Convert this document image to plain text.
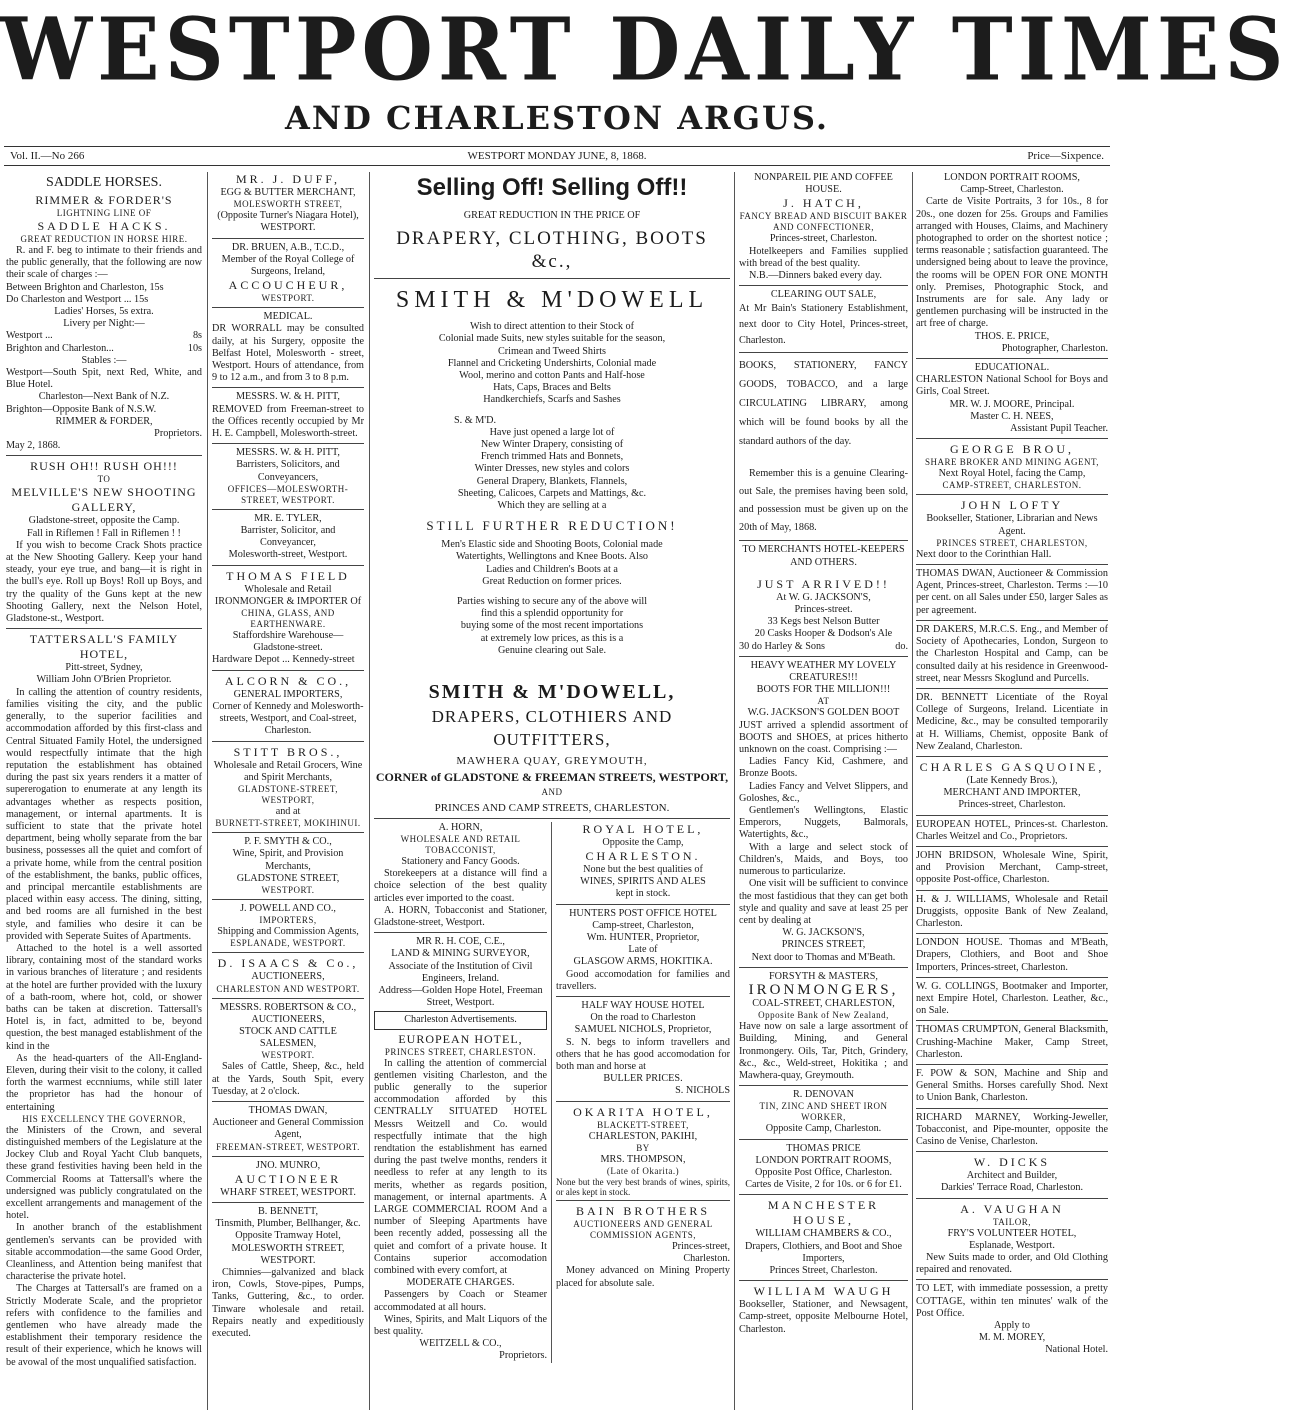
WESTPORT DAILY TIMES
AND CHARLESTON ARGUS.
Vol. II.—No 266	WESTPORT MONDAY JUNE, 8, 1868.	Price—Sixpence.
SADDLE HORSES.
RIMMER & FORDER'S
LIGHTNING LINE OF
SADDLE HACKS.
GREAT REDUCTION IN HORSE HIRE.
R. and F. beg to intimate to their friends and the public generally, that the following are now their scale of charges :—
Between Brighton and Charleston, 15s
Do Charleston and Westport ... 15s
Ladies' Horses, 5s extra.
Livery per Night:—
Westport ...	8s
Brighton and Charleston...	10s
Stables :—
Westport—South Spit, next Red, White, and Blue Hotel.
Charleston—Next Bank of N.Z.
Brighton—Opposite Bank of N.S.W.
RIMMER & FORDER,
Proprietors.
May 2, 1868.
RUSH OH!! RUSH OH!!!
TO
MELVILLE'S NEW SHOOTING GALLERY,
Gladstone-street, opposite the Camp.
Fall in Riflemen ! Fall in Riflemen ! !
If you wish to become Crack Shots practice at the New Shooting Gallery. Keep your hand steady, your eye true, and bang—it is right in the bull's eye. Roll up Boys! Roll up Boys, and try the quality of the Guns kept at the new Shooting Gallery, next the Nelson Hotel, Gladstone-st., Westport.
TATTERSALL'S FAMILY HOTEL,
Pitt-street, Sydney,
William John O'Brien Proprietor.
In calling the attention of country residents, families visiting the city, and the public generally, to the superior facilities and accommodation afforded by this first-class and Central Situated Family Hotel, the undersigned would respectfully intimate that the high reputation the establishment has obtained during the past six years renders it a matter of supererogation to enumerate at any length its advantages whether as respects position, management, or internal apartments. It is sufficient to state that the private hotel department, being wholly separate from the bar business, possesses all the quiet and comfort of a private home, while from the central position of the establishment, the banks, public offices, and principal mercantile establishments are placed within easy access. The dining, sitting, and bed rooms are all furnished in the best style, and families who desire it can be provided with Seperate Suites of Apartments.
Attached to the hotel is a well assorted library, containing most of the standard works in various branches of literature ; and residents at the hotel are further provided with the luxury of a bath-room, where hot, cold, or shower baths can be taken at discretion. Tattersall's Hotel is, in fact, admitted to be, beyond question, the best managed establishment of the kind in the
As the head-quarters of the All-England-Eleven, during their visit to the colony, it called forth the warmest eccnniums, while still later the proprietor has had the honour of entertaining
HIS EXCELLENCY THE GOVERNOR,
the Ministers of the Crown, and several distinguished members of the Legislature at the Jockey Club and Royal Yacht Club banquets, these grand festivities having been held in the Commercial Rooms at Tattersall's where the undersigned was publicly congratulated on the excellent arrangements and management of the hotel.
In another branch of the establishment gentlemen's servants can be provided with sitable accommodation—the same Good Order, Cleanliness, and Attention being manifest that characterise the private hotel.
The Charges at Tattersall's are framed on a Strictly Moderate Scale, and the proprietor refers with confidence to the families and gentlemen who have already made the establishment their temporary residence the result of their experience, which he knows will be avowal of the most unqualified satisfaction.
MR. J. DUFF,
EGG & BUTTER MERCHANT,
MOLESWORTH STREET,
(Opposite Turner's Niagara Hotel), WESTPORT.
DR. BRUEN, A.B., T.C.D.,
Member of the Royal College of Surgeons, Ireland,
ACCOUCHEUR,
WESTPORT.
MEDICAL.
DR WORRALL may be consulted daily, at his Surgery, opposite the Belfast Hotel, Molesworth - street, Westport. Hours of attendance, from 9 to 12 a.m., and from 3 to 8 p.m.
MESSRS. W. & H. PITT,
REMOVED from Freeman-street to the Offices recently occupied by Mr H. E. Campbell, Molesworth-street.
MESSRS. W. & H. PITT,
Barristers, Solicitors, and Conveyancers,
OFFICES—MOLESWORTH-STREET, WESTPORT.
MR. E. TYLER,
Barrister, Solicitor, and Conveyancer,
Molesworth-street, Westport.
THOMAS FIELD
Wholesale and Retail
IRONMONGER & IMPORTER Of
CHINA, GLASS, AND EARTHENWARE.
Staffordshire Warehouse—Gladstone-street.
Hardware Depot ... Kennedy-street
ALCORN & CO.,
GENERAL IMPORTERS,
Corner of Kennedy and Molesworth-streets, Westport, and Coal-street, Charleston.
STITT BROS.,
Wholesale and Retail Grocers, Wine and Spirit Merchants,
GLADSTONE-STREET, WESTPORT,
and at
BURNETT-STREET, MOKIHINUI.
P. F. SMYTH & CO.,
Wine, Spirit, and Provision Merchants,
GLADSTONE STREET,
WESTPORT.
J. POWELL AND CO.,
IMPORTERS,
Shipping and Commission Agents,
ESPLANADE, WESTPORT.
D. ISAACS & Co.,
AUCTIONEERS,
CHARLESTON AND WESTPORT.
MESSRS. ROBERTSON & CO., AUCTIONEERS,
STOCK AND CATTLE SALESMEN,
WESTPORT.
Sales of Cattle, Sheep, &c., held at the Yards, South Spit, every Tuesday, at 2 o'clock.
THOMAS DWAN,
Auctioneer and General Commission Agent,
FREEMAN-STREET, WESTPORT.
JNO. MUNRO,
AUCTIONEER
WHARF STREET, WESTPORT.
B. BENNETT,
Tinsmith, Plumber, Bellhanger, &c.
Opposite Tramway Hotel,
MOLESWORTH STREET, WESTPORT.
Chimnies—galvanized and black iron, Cowls, Stove-pipes, Pumps, Tanks, Guttering, &c., to order. Tinware wholesale and retail. Repairs neatly and expeditiously executed.
Selling Off! Selling Off!!
GREAT REDUCTION IN THE PRICE OF
DRAPERY, CLOTHING, BOOTS &c.,
SMITH & M'DOWELL
Wish to direct attention to their Stock of
Colonial made Suits, new styles suitable for the season,
Crimean and Tweed Shirts
Flannel and Cricketing Undershirts, Colonial made
Wool, merino and cotton Pants and Half-hose
Hats, Caps, Braces and Belts
Handkerchiefs, Scarfs and Sashes
S. & M'D.
Have just opened a large lot of
New Winter Drapery, consisting of
French trimmed Hats and Bonnets,
Winter Dresses, new styles and colors
General Drapery, Blankets, Flannels,
Sheeting, Calicoes, Carpets and Mattings, &c.
Which they are selling at a
STILL FURTHER REDUCTION!
Men's Elastic side and Shooting Boots, Colonial made
Watertights, Wellingtons and Knee Boots. Also
Ladies and Children's Boots at a
Great Reduction on former prices.
Parties wishing to secure any of the above will
find this a splendid opportunity for
buying some of the most recent importations
at extremely low prices, as this is a
Genuine clearing out Sale.
SMITH & M'DOWELL,
DRAPERS, CLOTHIERS AND OUTFITTERS,
MAWHERA QUAY, GREYMOUTH,
CORNER of GLADSTONE & FREEMAN STREETS, WESTPORT,
AND
PRINCES AND CAMP STREETS, CHARLESTON.
A. HORN,
WHOLESALE AND RETAIL TOBACCONIST,
Stationery and Fancy Goods.
Storekeepers at a distance will find a choice selection of the best quality articles ever imported to the coast.
A. HORN, Tobacconist and Stationer, Gladstone-street, Westport.
MR R. H. COE, C.E.,
LAND & MINING SURVEYOR,
Associate of the Institution of Civil Engineers, Ireland.
Address—Golden Hope Hotel, Freeman Street, Westport.
Charleston Advertisements.
EUROPEAN HOTEL,
PRINCES STREET, CHARLESTON.
In calling the attention of commercial gentlemen visiting Charleston, and the public generally to the superior accommodation afforded by this CENTRALLY SITUATED HOTEL Messrs Weitzell and Co. would respectfully intimate that the high rendtation the establishment has earned during the past twelve months, renders it needless to refer at any length to its merits, whether as regards position, management, or internal apartments. A LARGE COMMERCIAL ROOM And a number of Sleeping Apartments have been recently added, possessing all the quiet and comfort of a private house. It Contains superior accomodation combined with every comfort, at
MODERATE CHARGES.
Passengers by Coach or Steamer accommodated at all hours.
Wines, Spirits, and Malt Liquors of the best quality.
WEITZELL & CO.,
Proprietors.
ROYAL HOTEL,
Opposite the Camp,
CHARLESTON.
None but the best qualities of
WINES, SPIRITS AND ALES
kept in stock.
HUNTERS POST OFFICE HOTEL
Camp-street, Charleston,
Wm. HUNTER, Proprietor,
Late of
GLASGOW ARMS, HOKITIKA.
Good accomodation for families and travellers.
HALF WAY HOUSE HOTEL
On the road to Charleston
SAMUEL NICHOLS, Proprietor,
S. N. begs to inform travellers and others that he has good accomodation for both man and horse at
BULLER PRICES.
S. NICHOLS
OKARITA HOTEL,
BLACKETT-STREET,
CHARLESTON, PAKIHI,
BY
MRS. THOMPSON,
(Late of Okarita.)
None but the very best brands of wines, spirits, or ales kept in stock.
BAIN BROTHERS
AUCTIONEERS AND GENERAL COMMISSION AGENTS,
Princes-street,
Charleston.
Money advanced on Mining Property placed for absolute sale.
NONPAREIL PIE AND COFFEE HOUSE.
J. HATCH,
FANCY BREAD AND BISCUIT BAKER AND CONFECTIONER,
Princes-street, Charleston.
Hotelkeepers and Families supplied with bread of the best quality.
N.B.—Dinners baked every day.
CLEARING OUT SALE,
At Mr Bain's Stationery Establishment, next door to City Hotel, Princes-street, Charleston.
BOOKS, STATIONERY, FANCY GOODS, TOBACCO, and a large CIRCULATING LIBRARY, among which will be found books by all the standard authors of the day.
Remember this is a genuine Clearing-out Sale, the premises having been sold, and possession must be given up on the 20th of May, 1868.
TO MERCHANTS HOTEL-KEEPERS AND OTHERS.
JUST ARRIVED!!
At W. G. JACKSON'S,
Princes-street.
33 Kegs best Nelson Butter
20 Casks Hooper & Dodson's Ale
30 do Harley & Sons	do.
HEAVY WEATHER MY LOVELY CREATURES!!!
BOOTS FOR THE MILLION!!!
AT
W.G. JACKSON'S GOLDEN BOOT
JUST arrived a splendid assortment of BOOTS and SHOES, at prices hitherto unknown on the coast. Comprising :—
Ladies Fancy Kid, Cashmere, and Bronze Boots.
Ladies Fancy and Velvet Slippers, and Goloshes, &c.,
Gentlemen's Wellingtons, Elastic Emperors, Nuggets, Balmorals, Watertights, &c.,
With a large and select stock of Children's, Maids, and Boys, too numerous to particularize.
One visit will be sufficient to convince the most fastidious that they can get both style and quality and save at least 25 per cent by dealing at
W. G. JACKSON'S,
PRINCES STREET,
Next door to Thomas and M'Beath.
FORSYTH & MASTERS,
IRONMONGERS,
COAL-STREET, CHARLESTON,
Opposite Bank of New Zealand,
Have now on sale a large assortment of Building, Mining, and General Ironmongery. Oils, Tar, Pitch, Grindery, &c., &c., Weld-street, Hokitika ; and Mawhera-quay, Greymouth.
R. DENOVAN
TIN, ZINC AND SHEET IRON WORKER,
Opposite Camp, Charleston.
THOMAS PRICE
LONDON PORTRAIT ROOMS,
Opposite Post Office, Charleston.
Cartes de Visite, 2 for 10s. or 6 for £1.
MANCHESTER HOUSE,
WILLIAM CHAMBERS & CO.,
Drapers, Clothiers, and Boot and Shoe Importers,
Princes Street, Charleston.
WILLIAM WAUGH
Bookseller, Stationer, and Newsagent, Camp-street, opposite Melbourne Hotel, Charleston.
LONDON PORTRAIT ROOMS,
Camp-Street, Charleston.
Carte de Visite Portraits, 3 for 10s., 8 for 20s., one dozen for 25s. Groups and Families arranged with Houses, Claims, and Machinery photographed to order on the shortest notice ; terms reasonable ; satisfaction guaranteed. The undersigned being about to leave the province, the rooms will be OPEN FOR ONE MONTH only. Premises, Photographic Stock, and Instruments are for sale. Any lady or gentlemen purchasing will be instructed in the art free of charge.
THOS. E. PRICE,
Photographer, Charleston.
EDUCATIONAL.
CHARLESTON National School for Boys and Girls, Coal Street.
MR. W. J. MOORE, Principal.
Master C. H. NEES,
Assistant Pupil Teacher.
GEORGE BROU,
SHARE BROKER AND MINING AGENT,
Next Royal Hotel, facing the Camp,
CAMP-STREET, CHARLESTON.
JOHN LOFTY
Bookseller, Stationer, Librarian and News Agent.
PRINCES STREET, CHARLESTON,
Next door to the Corinthian Hall.
THOMAS DWAN, Auctioneer & Commission Agent, Princes-street, Charleston. Terms :—10 per cent. on all Sales under £50, larger Sales as per agreement.
DR DAKERS, M.R.C.S. Eng., and Member of Society of Apothecaries, London, Surgeon to the Charleston Hospital and Camp, can be consulted daily at his residence in Greenwood-street, near Messrs Skoglund and Purcells.
DR. BENNETT Licentiate of the Royal College of Surgeons, Ireland. Licentiate in Medicine, &c., may be consulted temporarily at H. Williams, Chemist, opposite Bank of New Zealand, Charleston.
CHARLES GASQUOINE,
(Late Kennedy Bros.),
MERCHANT AND IMPORTER,
Princes-street, Charleston.
EUROPEAN HOTEL, Princes-st. Charleston. Charles Weitzel and Co., Proprietors.
JOHN BRIDSON, Wholesale Wine, Spirit, and Provision Merchant, Camp-street, opposite Post-office, Charleston.
H. & J. WILLIAMS, Wholesale and Retail Druggists, opposite Bank of New Zealand, Charleston.
LONDON HOUSE. Thomas and M'Beath, Drapers, Clothiers, and Boot and Shoe Importers, Princes-street, Charleston.
W. G. COLLINGS, Bootmaker and Importer, next Empire Hotel, Charleston. Leather, &c., on Sale.
THOMAS CRUMPTON, General Blacksmith, Crushing-Machine Maker, Camp Street, Charleston.
F. POW & SON, Machine and Ship and General Smiths. Horses carefully Shod. Next to Union Bank, Charleston.
RICHARD MARNEY, Working-Jeweller, Tobacconist, and Pipe-mounter, opposite the Casino de Venise, Charleston.
W. DICKS
Architect and Builder,
Darkies' Terrace Road, Charleston.
A. VAUGHAN
TAILOR,
FRY'S VOLUNTEER HOTEL,
Esplanade, Westport.
New Suits made to order, and Old Clothing repaired and renovated.
TO LET, with immediate possession, a pretty COTTAGE, within ten minutes' walk of the Post Office.
Apply to
M. M. MOREY,
National Hotel.
